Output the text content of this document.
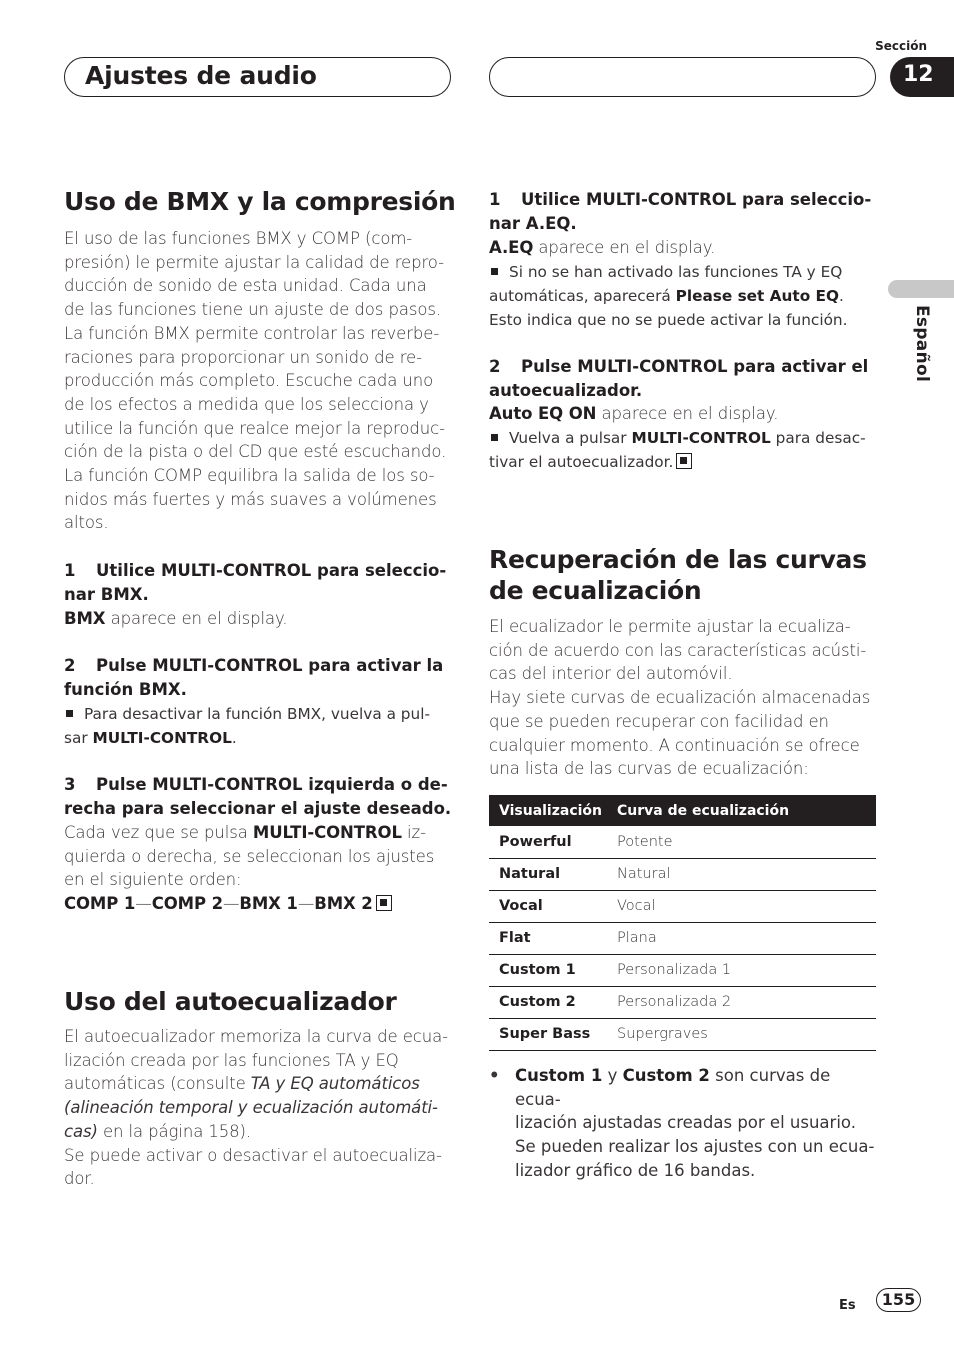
Ajustes de audio
Sección
12
Español
Uso de BMX y la compresión
El uso de las funciones BMX y COMP (com-
presión) le permite ajustar la calidad de repro-
ducción de sonido de esta unidad. Cada una
de las funciones tiene un ajuste de dos pasos.
La función BMX permite controlar las reverbe-
raciones para proporcionar un sonido de re-
producción más completo. Escuche cada uno
de los efectos a medida que los selecciona y
utilice la función que realce mejor la reproduc-
ción de la pista o del CD que esté escuchando.
La función COMP equilibra la salida de los so-
nidos más fuertes y más suaves a volúmenes
altos.
1 Utilice MULTI-CONTROL para seleccio-
nar BMX.
BMX aparece en el display.
2 Pulse MULTI-CONTROL para activar la
función BMX.
Para desactivar la función BMX, vuelva a pul-
sar MULTI-CONTROL.
3 Pulse MULTI-CONTROL izquierda o de-
recha para seleccionar el ajuste deseado.
Cada vez que se pulsa MULTI-CONTROL iz-
quierda o derecha, se seleccionan los ajustes
en el siguiente orden:
COMP 1—COMP 2—BMX 1—BMX 2
Uso del autoecualizador
El autoecualizador memoriza la curva de ecua-
lización creada por las funciones TA y EQ
automáticas (consulte TA y EQ automáticos
(alineación temporal y ecualización automáti-
cas) en la página 158).
Se puede activar o desactivar el autoecualiza-
dor.
1 Utilice MULTI-CONTROL para seleccio-
nar A.EQ.
A.EQ aparece en el display.
Si no se han activado las funciones TA y EQ
automáticas, aparecerá Please set Auto EQ.
Esto indica que no se puede activar la función.
2 Pulse MULTI-CONTROL para activar el
autoecualizador.
Auto EQ ON aparece en el display.
Vuelva a pulsar MULTI-CONTROL para desac-
tivar el autoecualizador.
Recuperación de las curvas
de ecualización
El ecualizador le permite ajustar la ecualiza-
ción de acuerdo con las características acústi-
cas del interior del automóvil.
Hay siete curvas de ecualización almacenadas
que se pueden recuperar con facilidad en
cualquier momento. A continuación se ofrece
una lista de las curvas de ecualización:
Visualización	Curva de ecualización
Powerful	Potente
Natural	Natural
Vocal	Vocal
Flat	Plana
Custom 1	Personalizada 1
Custom 2	Personalizada 2
Super Bass	Supergraves
• Custom 1 y Custom 2 son curvas de ecua-
lización ajustadas creadas por el usuario.
Se pueden realizar los ajustes con un ecua-
lizador gráfico de 16 bandas.
Es	155
